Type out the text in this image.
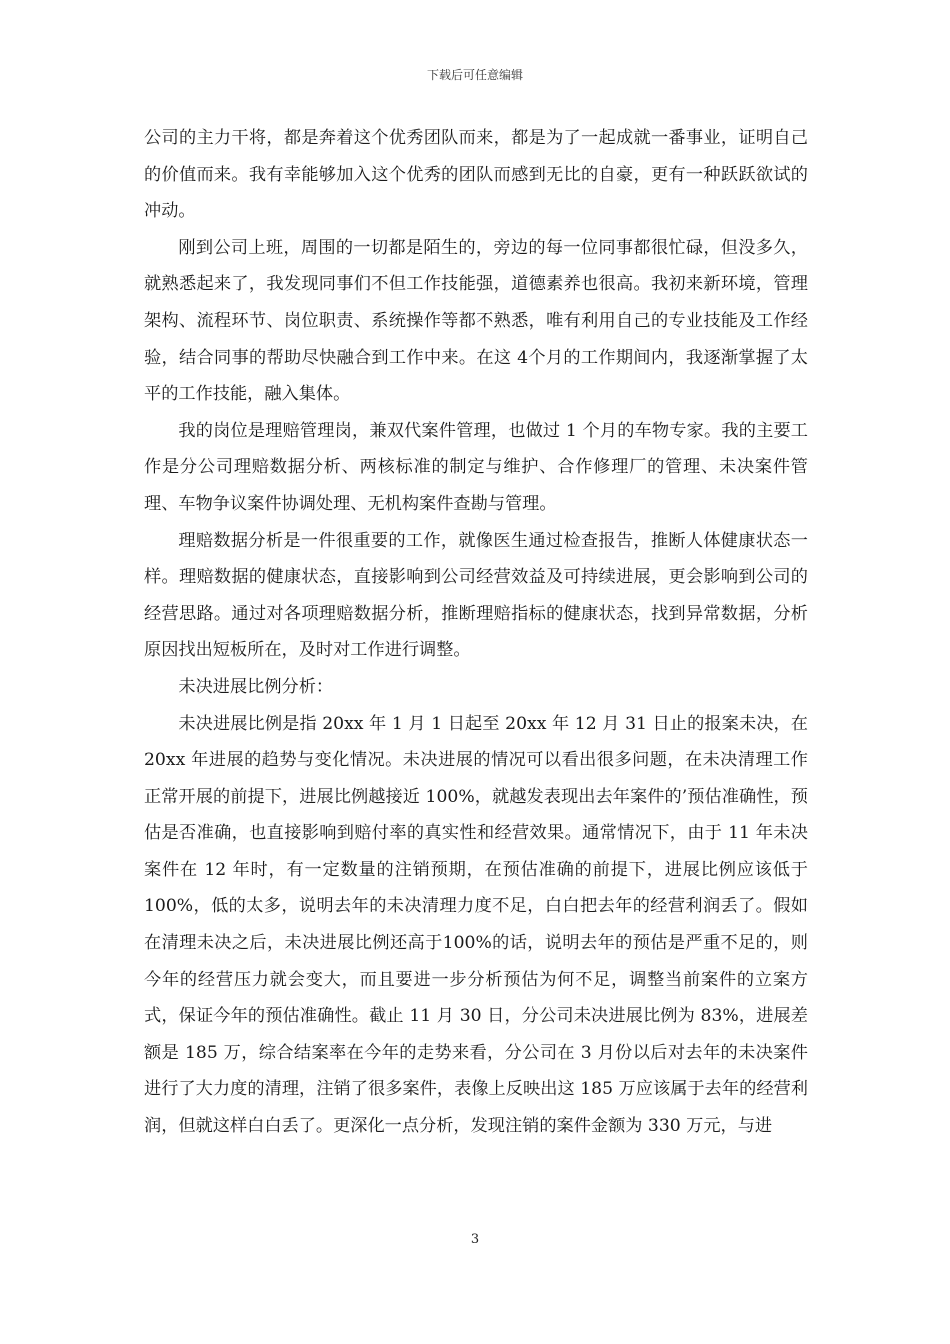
下载后可任意编辑

公司的主力干将，都是奔着这个优秀团队而来，都是为了一起成就一番事业，证明自己的价值而来。我有幸能够加入这个优秀的团队而感到无比的自豪，更有一种跃跃欲试的冲动。

刚到公司上班，周围的一切都是陌生的，旁边的每一位同事都很忙碌，但没多久，就熟悉起来了，我发现同事们不但工作技能强，道德素养也很高。我初来新环境，管理架构、流程环节、岗位职责、系统操作等都不熟悉，唯有利用自己的专业技能及工作经验，结合同事的帮助尽快融合到工作中来。在这 4个月的工作期间内，我逐渐掌握了太平的工作技能，融入集体。

我的岗位是理赔管理岗，兼双代案件管理，也做过 1 个月的车物专家。我的主要工作是分公司理赔数据分析、两核标准的制定与维护、合作修理厂的管理、未决案件管理、车物争议案件协调处理、无机构案件查勘与管理。

理赔数据分析是一件很重要的工作，就像医生通过检查报告，推断人体健康状态一样。理赔数据的健康状态，直接影响到公司经营效益及可持续进展，更会影响到公司的经营思路。通过对各项理赔数据分析，推断理赔指标的健康状态，找到异常数据，分析原因找出短板所在，及时对工作进行调整。

未决进展比例分析：

未决进展比例是指 20xx 年 1 月 1 日起至 20xx 年 12 月 31 日止的报案未决，在 20xx 年进展的趋势与变化情况。未决进展的情况可以看出很多问题，在未决清理工作正常开展的前提下，进展比例越接近 100%，就越发表现出去年案件的’预估准确性，预估是否准确，也直接影响到赔付率的真实性和经营效果。通常情况下，由于 11 年未决案件在 12 年时，有一定数量的注销预期，在预估准确的前提下，进展比例应该低于 100%，低的太多，说明去年的未决清理力度不足，白白把去年的经营利润丢了。假如在清理未决之后，未决进展比例还高于100%的话，说明去年的预估是严重不足的，则今年的经营压力就会变大，而且要进一步分析预估为何不足，调整当前案件的立案方式，保证今年的预估准确性。截止 11 月 30 日，分公司未决进展比例为 83%，进展差额是 185 万，综合结案率在今年的走势来看，分公司在 3 月份以后对去年的未决案件进行了大力度的清理，注销了很多案件，表像上反映出这 185 万应该属于去年的经营利润，但就这样白白丢了。更深化一点分析，发现注销的案件金额为 330 万元，与进

3
